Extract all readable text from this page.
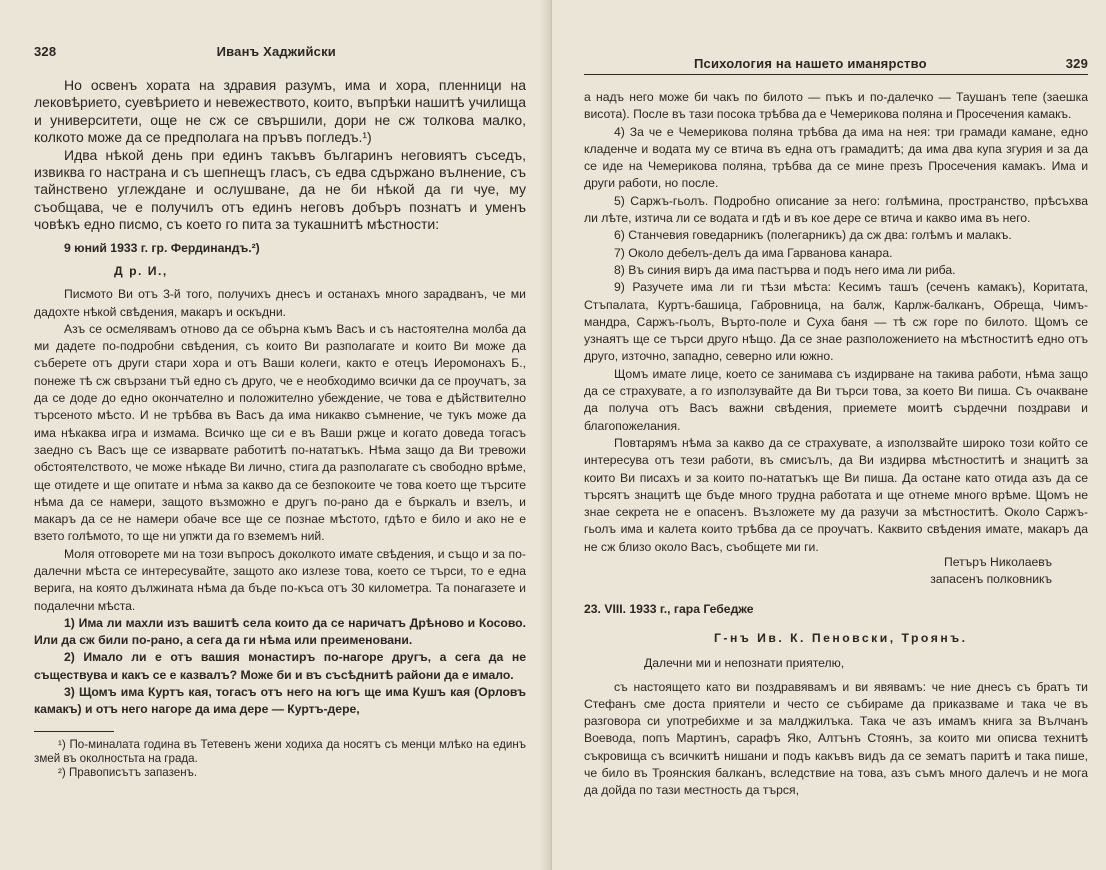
328	Иванъ Хаджийски

Но освенъ хората на здравия разумъ, има и хора, пленници на лековѣрието, суевѣрието и невежеството, които, въпрѣки нашитѣ училища и университети, още не сж се свършили, дори не сж толкова малко, колкото може да се предполага на пръвъ погледъ.¹)

Идва нѣкой день при единъ такъвъ българинъ неговиятъ съседъ, извиква го настрана и съ шепнещъ гласъ, съ едва сдържано вълнение, съ тайнствено углеждане и ослушване, да не би нѣкой да ги чуе, му съобщава, че е получилъ отъ единъ неговъ добъръ познатъ и уменъ човѣкъ едно писмо, съ което го пита за тукашнитѣ мѣстности:

9 юний 1933 г. гр. Фердинандъ.²)

Д р. И.,

Писмото Ви отъ 3-й того, получихъ днесъ и останахъ много зарадванъ, че ми дадохте нѣкой свѣдения, макаръ и оскъдни.

Азъ се осмелявамъ отново да се обърна къмъ Васъ и съ настоятелна молба да ми дадете по-подробни свѣдения, съ които Ви разполагате и които Ви може да съберете отъ други стари хора и отъ Ваши колеги, както е отецъ Иеромонахъ Б., понеже тѣ сж свързани тъй едно съ друго, че е необходимо всички да се проучатъ, за да се доде до едно окончателно и положително убеждение, че това е дѣйствително търсеното мѣсто. И не трѣбва въ Васъ да има никакво съмнение, че тукъ може да има нѣкаква игра и измама. Всичко ще си е въ Ваши ржце и когато доведа тогасъ заедно съ Васъ ще се изварвате работитѣ по-нататъкъ. Нѣма защо да Ви тревожи обстоятелството, че може нѣкаде Ви лично, стига да разполагате съ свободно врѣме, ще отидете и ще опитате и нѣма за какво да се безпокоите че това което ще търсите нѣма да се намери, защото възможно е другъ по-рано да е бъркалъ и взелъ, и макаръ да се не намери обаче все ще се познае мѣстото, гдѣто е било и ако не е взето голѣмото, то ще ни упжти да го вземемъ ний.

Моля отговорете ми на този въпросъ доколкото имате свѣдения, и също и за по-далечни мѣста се интересувайте, защото ако излезе това, което се търси, то е една верига, на която дължината нѣма да бъде по-късa отъ 30 километра. Та понагазете и подалечни мѣста.

1) Има ли махли изъ вашитѣ села които да се наричатъ Дрѣново и Косово. Или да сж били по-рано, а сега да ги нѣма или преименовани.

2) Имало ли е отъ вашия монастиръ по-нагоре другъ, а сега да не съществува и какъ се е казвалъ? Може би и въ съсѣднитѣ райони да е имало.

3) Щомъ има Куртъ кая, тогасъ отъ него на югъ ще има Кушъ кая (Орловъ камакъ) и отъ него нагоре да има дере — Куртъ-дере,

¹) По-миналата година въ Тетевенъ жени ходиха да носятъ съ менци млѣко на единъ змей въ околностьта на града.

²) Правописътъ запазенъ.

Психология на нашето иманярство	329

а надъ него може би чакъ по билото — пъкъ и по-далечко — Таушанъ тепе (заешка висота). После въ тази посока трѣбва да е Чемерикова поляна и Просечения камакъ.

4) За че е Чемерикова поляна трѣбва да има на нея: три грамади камане, едно кладенче и водата му се втича въ една отъ грамадитѣ; да има два купа згурия и за да се иде на Чемерикова поляна, трѣбва да се мине презъ Просечения камакъ. Има и други работи, но после.

5) Саржъ-гьолъ. Подробно описание за него: голѣмина, пространство, прѣсъхва ли лѣте, изтича ли се водата и гдѣ и въ кое дере се втича и какво има въ него.

6) Станчевия говедарникъ (полегарникъ) да сж два: голѣмъ и малакъ.

7) Около дебелъ-делъ да има Гарванова канара.

8) Въ синия виръ да има пастърва и подъ него има ли риба.

9) Разучете има ли ги тѣзи мѣста: Кесимъ ташъ (сеченъ камакъ), Коритата, Стъпалата, Куртъ-башица, Габровница, на балж, Карлж-балканъ, Обреща, Чимъ-мандра, Саржъ-гьолъ, Върто-поле и Суха баня — тѣ сж горе по билото. Щомъ се узнаятъ ще се търси друго нѣщо. Да се знае разположението на мѣстноститѣ едно отъ друго, източно, западно, северно или южно.

Щомъ имате лице, което се занимава съ издирване на такива работи, нѣма защо да се страхувате, а го използувайте да Ви търси това, за което Ви пиша. Съ очакване да получа отъ Васъ важни свѣдения, приемете моитѣ сърдечни поздрави и благопожелания.

Повтарямъ нѣма за какво да се страхувате, а използвайте широко този който се интересува отъ тези работи, въ смисълъ, да Ви издирва мѣстноститѣ и знацитѣ за които Ви писахъ и за които по-нататъкъ ще Ви пиша. Да остане като отида азъ да се търсятъ знацитѣ ще бъде много трудна работата и ще отнеме много врѣме. Щомъ не знае секрета не е опасенъ. Възложете му да разучи за мѣстноститѣ. Около Саржъ-гьолъ има и калета които трѣбва да се проучатъ. Каквито свѣдения имате, макаръ да не сж близо около Васъ, съобщете ми ги.

Петъръ Николаевъ

запасенъ полковникъ

23. VIII. 1933 г., гара Гебедже

Г-нъ Ив. К. Пеновски, Троянъ.

Далечни ми и непознати приятелю,

съ настоящето като ви поздравявамъ и ви явявамъ: че ние днесъ съ братъ ти Стефанъ сме доста приятели и често се събираме да приказваме и така че въ разговора си употребихме и за малджилъка. Така че азъ имамъ книга за Вълчанъ Воевода, попъ Мартинъ, сарафъ Яко, Алтънъ Стоянъ, за които ми описва технитѣ съкровища съ всичкитѣ нишани и подъ какъвъ видъ да се зематъ паритѣ и така пише, че било въ Троянския балканъ, вследствие на това, азъ съмъ много далечъ и не мога да дойда по тази местность да търся,
